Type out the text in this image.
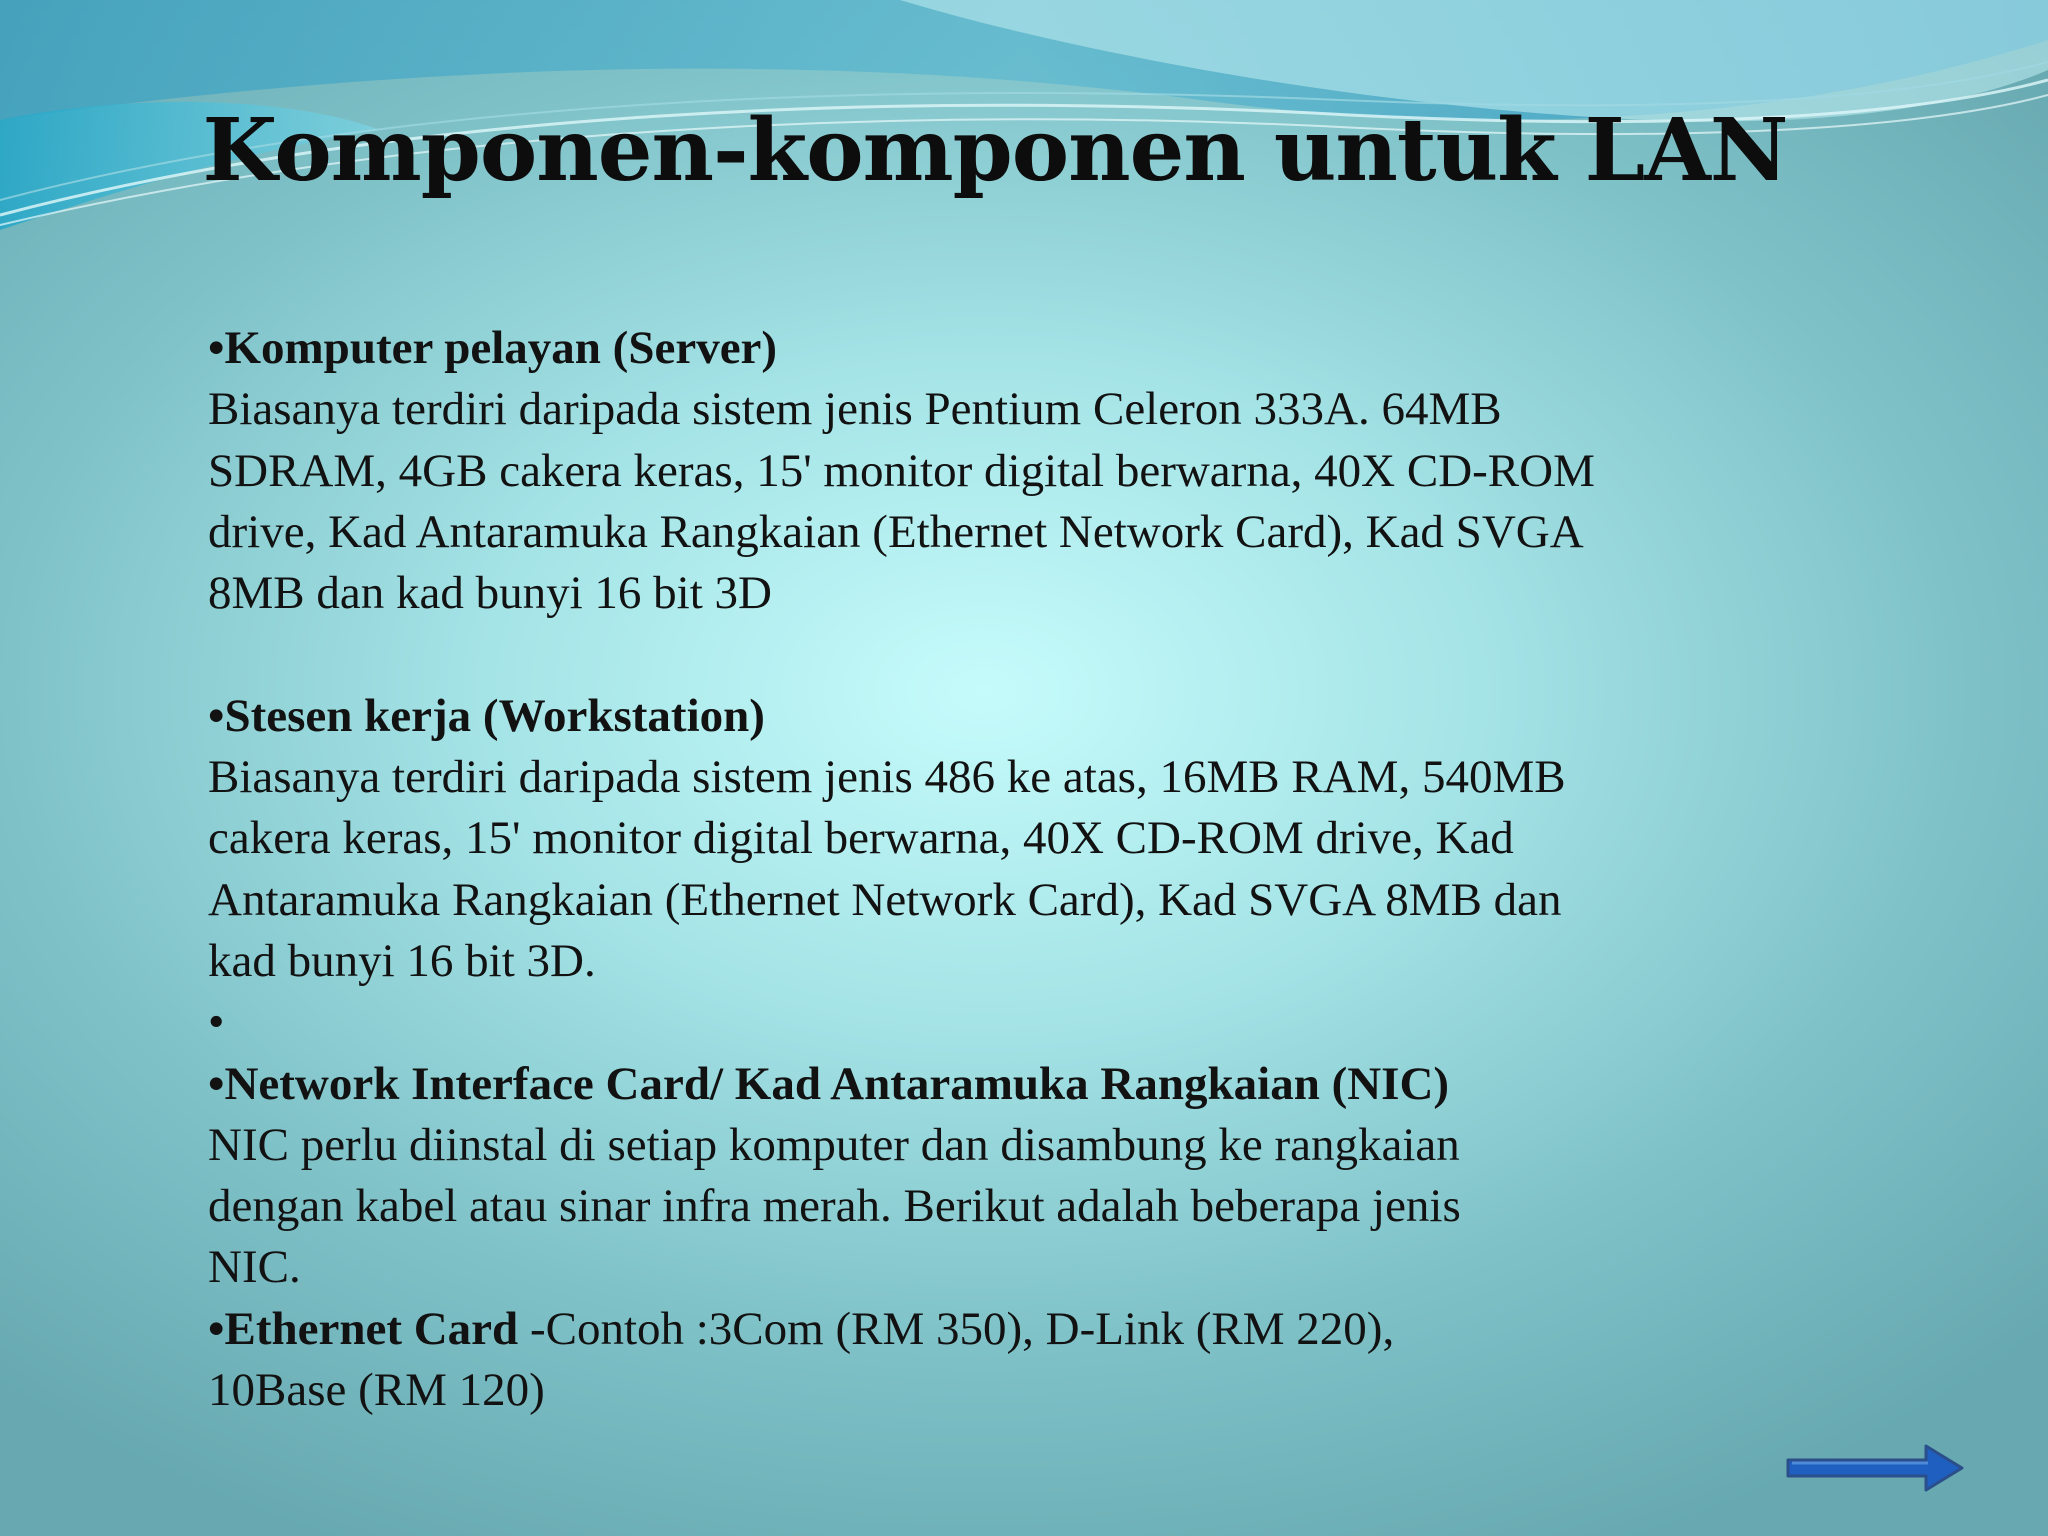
Komponen-komponen untuk LAN
•Komputer pelayan (Server)
Biasanya terdiri daripada sistem jenis Pentium Celeron 333A. 64MB
SDRAM, 4GB cakera keras, 15' monitor digital berwarna, 40X CD-ROM
drive, Kad Antaramuka Rangkaian (Ethernet Network Card), Kad SVGA
8MB dan kad bunyi 16 bit 3D
•Stesen kerja (Workstation)
Biasanya terdiri daripada sistem jenis 486 ke atas, 16MB RAM, 540MB
cakera keras, 15' monitor digital berwarna, 40X CD-ROM drive, Kad
Antaramuka Rangkaian (Ethernet Network Card), Kad SVGA 8MB dan
kad bunyi 16 bit 3D.
•
•Network Interface Card/ Kad Antaramuka Rangkaian (NIC)
NIC perlu diinstal di setiap komputer dan disambung ke rangkaian
dengan kabel atau sinar infra merah. Berikut adalah beberapa jenis
NIC.
•Ethernet Card -Contoh :3Com (RM 350), D-Link (RM 220),
10Base (RM 120)
